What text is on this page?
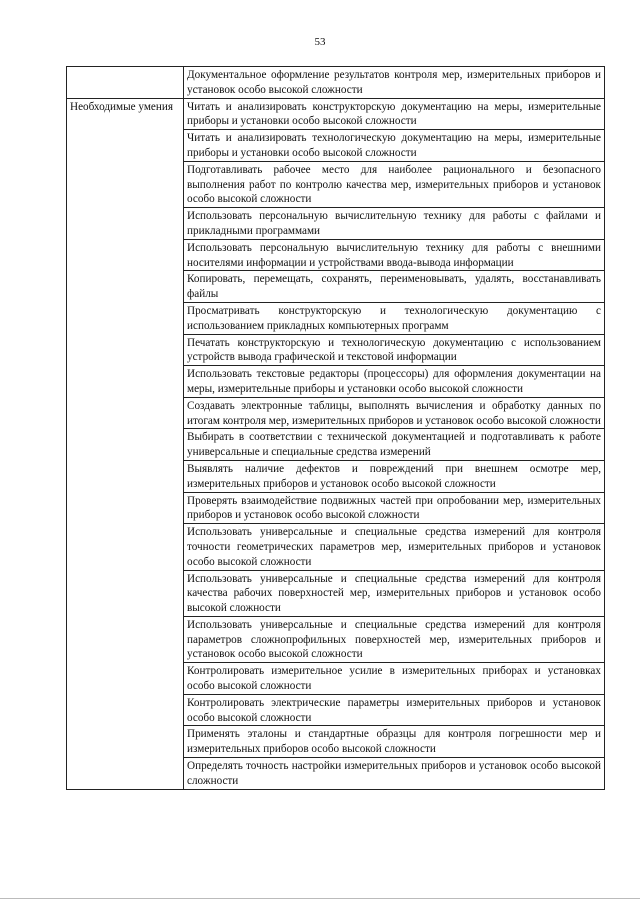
53
	Документальное оформление результатов контроля мер, измерительных приборов и установок особо высокой сложности
Необходимые умения	Читать и анализировать конструкторскую документацию на меры, измерительные приборы и установки особо высокой сложности
	Читать и анализировать технологическую документацию на меры, измерительные приборы и установки особо высокой сложности
	Подготавливать рабочее место для наиболее рационального и безопасного выполнения работ по контролю качества мер, измерительных приборов и установок особо высокой сложности
	Использовать персональную вычислительную технику для работы с файлами и прикладными программами
	Использовать персональную вычислительную технику для работы с внешними носителями информации и устройствами ввода-вывода информации
	Копировать, перемещать, сохранять, переименовывать, удалять, восстанавливать файлы
	Просматривать конструкторскую и технологическую документацию с использованием прикладных компьютерных программ
	Печатать конструкторскую и технологическую документацию с использованием устройств вывода графической и текстовой информации
	Использовать текстовые редакторы (процессоры) для оформления документации на меры, измерительные приборы и установки особо высокой сложности
	Создавать электронные таблицы, выполнять вычисления и обработку данных по итогам контроля мер, измерительных приборов и установок особо высокой сложности
	Выбирать в соответствии с технической документацией и подготавливать к работе универсальные и специальные средства измерений
	Выявлять наличие дефектов и повреждений при внешнем осмотре мер, измерительных приборов и установок особо высокой сложности
	Проверять взаимодействие подвижных частей при опробовании мер, измерительных приборов и установок особо высокой сложности
	Использовать универсальные и специальные средства измерений для контроля точности геометрических параметров мер, измерительных приборов и установок особо высокой сложности
	Использовать универсальные и специальные средства измерений для контроля качества рабочих поверхностей мер, измерительных приборов и установок особо высокой сложности
	Использовать универсальные и специальные средства измерений для контроля параметров сложнопрофильных поверхностей мер, измерительных приборов и установок особо высокой сложности
	Контролировать измерительное усилие в измерительных приборах и установках особо высокой сложности
	Контролировать электрические параметры измерительных приборов и установок особо высокой сложности
	Применять эталоны и стандартные образцы для контроля погрешности мер и измерительных приборов особо высокой сложности
	Определять точность настройки измерительных приборов и установок особо высокой сложности
